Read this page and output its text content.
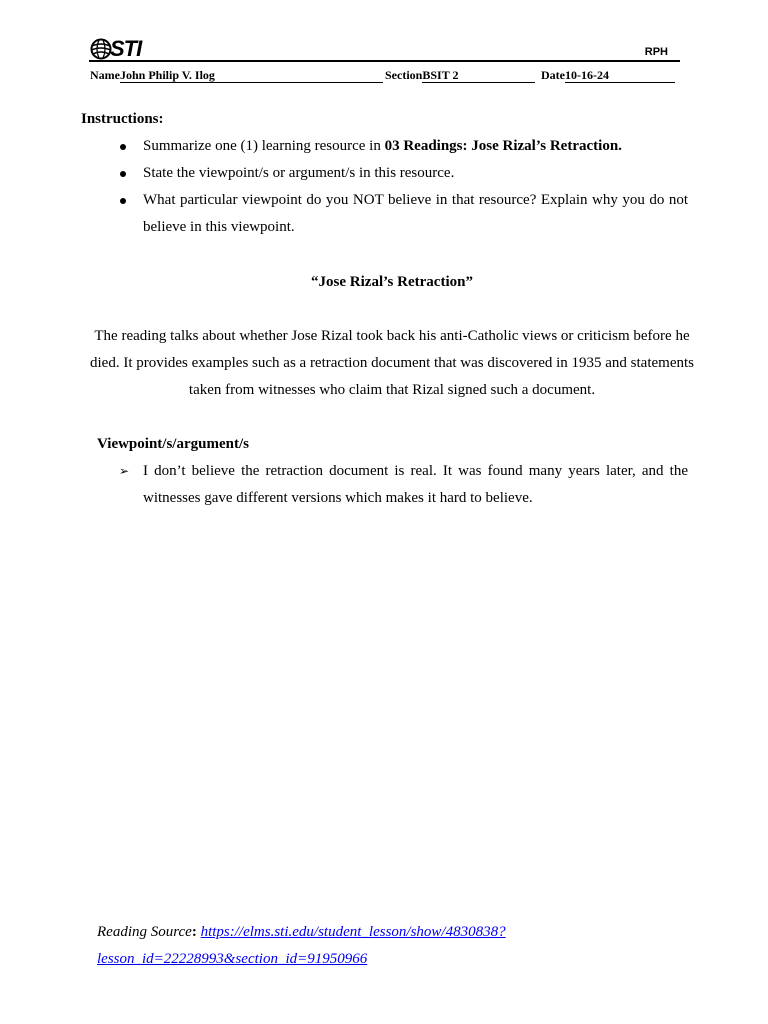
STI	RPH
NameJohn Philip V. Ilog	SectionBSIT 2	Date10-16-24
Instructions:
Summarize one (1) learning resource in 03 Readings: Jose Rizal’s Retraction.
State the viewpoint/s or argument/s in this resource.
What particular viewpoint do you NOT believe in that resource? Explain why you do not believe in this viewpoint.
“Jose Rizal’s Retraction”
The reading talks about whether Jose Rizal took back his anti-Catholic views or criticism before he died. It provides examples such as a retraction document that was discovered in 1935 and statements taken from witnesses who claim that Rizal signed such a document.
Viewpoint/s/argument/s
➢ I don’t believe the retraction document is real. It was found many years later, and the witnesses gave different versions which makes it hard to believe.
Reading Source: https://elms.sti.edu/student_lesson/show/4830838?
lesson_id=22228993&section_id=91950966
